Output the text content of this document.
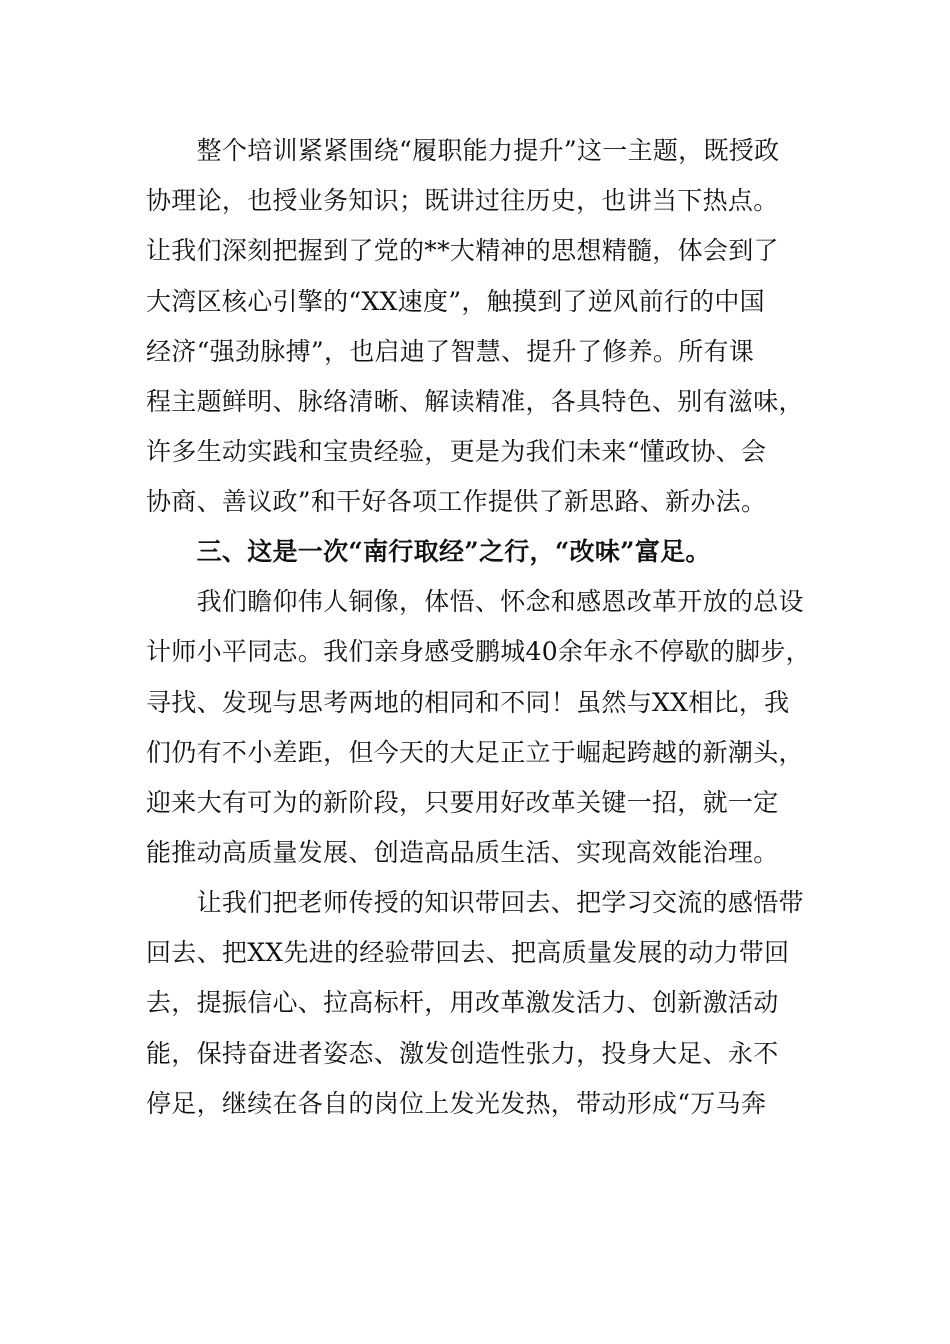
　　整个培训紧紧围绕“履职能力提升”这一主题，既授政
协理论，也授业务知识；既讲过往历史，也讲当下热点。
让我们深刻把握到了党的**大精神的思想精髓，体会到了
大湾区核心引擎的“XX速度”，触摸到了逆风前行的中国
经济“强劲脉搏”，也启迪了智慧、提升了修养。所有课
程主题鲜明、脉络清晰、解读精准，各具特色、别有滋味，
许多生动实践和宝贵经验，更是为我们未来“懂政协、会
协商、善议政”和干好各项工作提供了新思路、新办法。
　　三、这是一次“南行取经”之行，“改味”富足。
　　我们瞻仰伟人铜像，体悟、怀念和感恩改革开放的总设
计师小平同志。我们亲身感受鹏城40余年永不停歇的脚步，
寻找、发现与思考两地的相同和不同！虽然与XX相比，我
们仍有不小差距，但今天的大足正立于崛起跨越的新潮头，
迎来大有可为的新阶段，只要用好改革关键一招，就一定
能推动高质量发展、创造高品质生活、实现高效能治理。
　　让我们把老师传授的知识带回去、把学习交流的感悟带
回去、把XX先进的经验带回去、把高质量发展的动力带回
去，提振信心、拉高标杆，用改革激发活力、创新激活动
能，保持奋进者姿态、激发创造性张力，投身大足、永不
停足，继续在各自的岗位上发光发热，带动形成“万马奔
